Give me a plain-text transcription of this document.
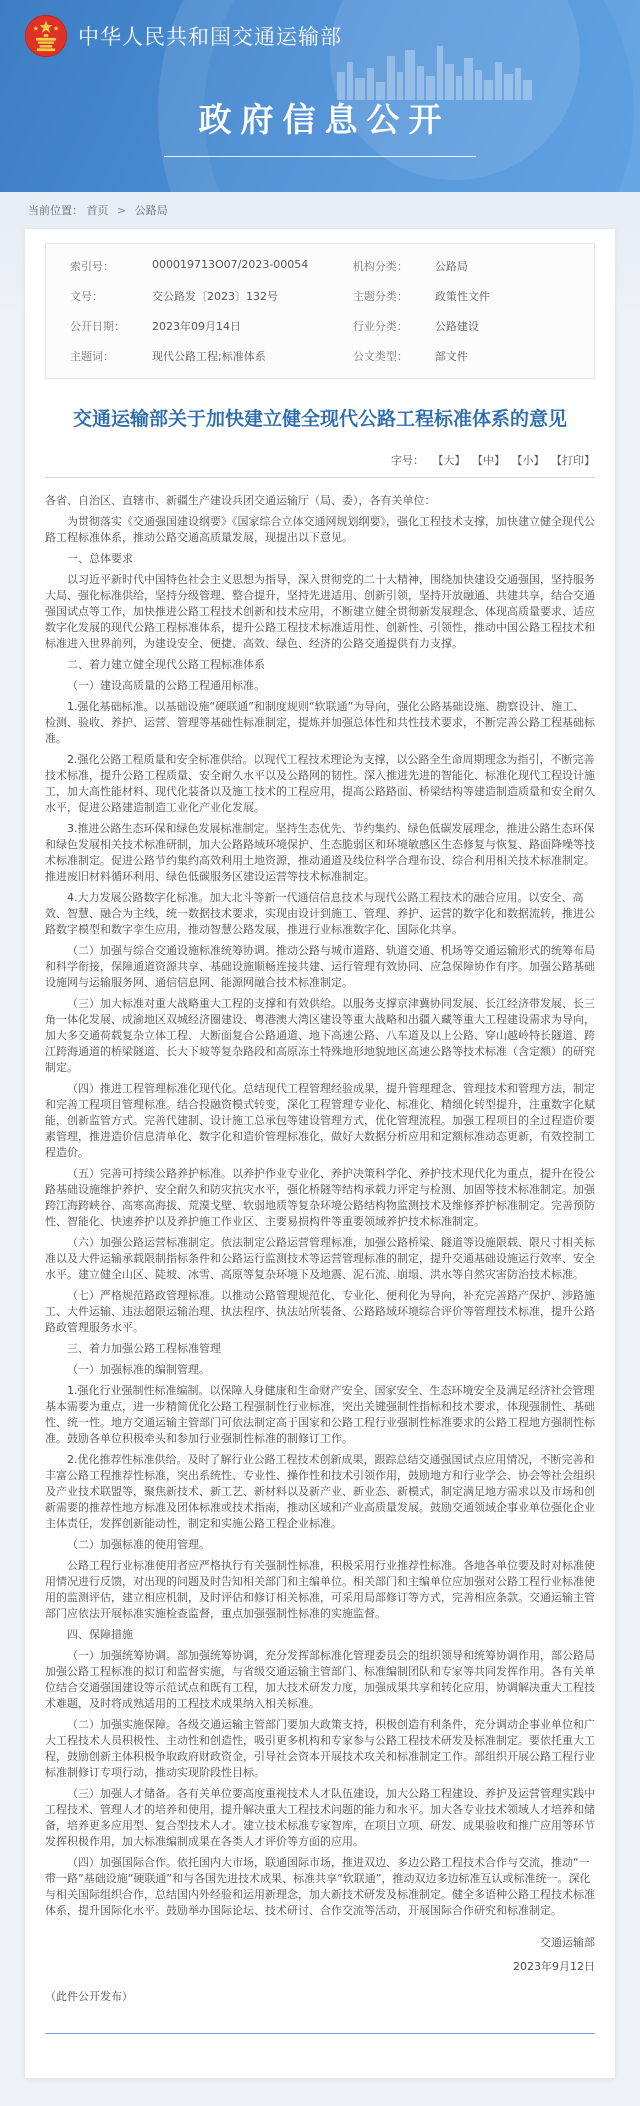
中华人民共和国交通运输部
政府信息公开
当前位置： 首页 > 公路局
索引号：	000019713O07/2023-00054	机构分类：	公路局
文号：	交公路发〔2023〕132号	主题分类：	政策性文件
公开日期：	2023年09月14日	行业分类：	公路建设
主题词：	现代公路工程;标准体系	公文类型：	部文件
交通运输部关于加快建立健全现代公路工程标准体系的意见
字号： 【大】 【中】 【小】 【打印】

各省、自治区、直辖市、新疆生产建设兵团交通运输厅（局、委），各有关单位：

为贯彻落实《交通强国建设纲要》《国家综合立体交通网规划纲要》，强化工程技术支撑，加快建立健全现代公路工程标准体系，推动公路交通高质量发展，现提出以下意见。

一、总体要求

以习近平新时代中国特色社会主义思想为指导，深入贯彻党的二十大精神，围绕加快建设交通强国，坚持服务大局、强化标准供给，坚持分级管理、整合提升，坚持先进适用、创新引领，坚持开放融通、共建共享，结合交通强国试点等工作，加快推进公路工程技术创新和技术应用，不断建立健全贯彻新发展理念、体现高质量要求、适应数字化发展的现代公路工程标准体系，提升公路工程技术标准适用性、创新性、引领性，推动中国公路工程技术和标准进入世界前列，为建设安全、便捷、高效、绿色、经济的公路交通提供有力支撑。

二、着力建立健全现代公路工程标准体系

（一）建设高质量的公路工程通用标准。

1.强化基础标准。以基础设施“硬联通”和制度规则“软联通”为导向，强化公路基础设施、勘察设计、施工、检测、验收、养护、运营、管理等基础性标准制定，提炼并加强总体性和共性技术要求，不断完善公路工程基础标准。

2.强化公路工程质量和安全标准供给。以现代工程技术理论为支撑，以公路全生命周期理念为指引，不断完善技术标准，提升公路工程质量、安全耐久水平以及公路网的韧性。深入推进先进的智能化、标准化现代工程设计施工，加大高性能材料、现代化装备以及施工技术的工程应用，提高公路路面、桥梁结构等建造制造质量和安全耐久水平，促进公路建造制造工业化产业化发展。

3.推进公路生态环保和绿色发展标准制定。坚持生态优先、节约集约、绿色低碳发展理念，推进公路生态环保和绿色发展相关技术标准研制，加大公路路域环境保护、生态脆弱区和环境敏感区生态修复与恢复、路面降噪等技术标准制定。促进公路节约集约高效利用土地资源，推动通道及线位科学合理布设、综合利用相关技术标准制定。推进废旧材料循环利用、绿色低碳服务区建设运营等技术标准制定。

4.大力发展公路数字化标准。加大北斗等新一代通信信息技术与现代公路工程技术的融合应用。以安全、高效、智慧、融合为主线，统一数据技术要求，实现由设计到施工、管理、养护、运营的数字化和数据流转，推进公路数字模型和数字孪生应用，推动智慧公路发展，推进行业标准数字化、国际化共享。

（二）加强与综合交通设施标准统筹协调。推动公路与城市道路、轨道交通、机场等交通运输形式的统筹布局和科学衔接，保障通道资源共享、基础设施顺畅连接共建、运行管理有效协同、应急保障协作有序。加强公路基础设施网与运输服务网、通信信息网、能源网融合技术标准制定。

（三）加大标准对重大战略重大工程的支撑和有效供给。以服务支撑京津冀协同发展、长江经济带发展、长三角一体化发展、成渝地区双城经济圈建设、粤港澳大湾区建设等重大战略和出疆入藏等重大工程建设需求为导向，加大多交通荷载复杂立体工程、大断面复合公路通道、地下高速公路、八车道及以上公路、穿山越岭特长隧道、跨江跨海通道的桥梁隧道、长大下坡等复杂路段和高原冻土特殊地形地貌地区高速公路等技术标准（含定额）的研究制定。

（四）推进工程管理标准化现代化。总结现代工程管理经验成果，提升管理理念、管理技术和管理方法，制定和完善工程项目管理标准。结合投融资模式转变，深化工程管理专业化、标准化、精细化转型提升，注重数字化赋能，创新监管方式。完善代建制、设计施工总承包等建设管理方式，优化管理流程。加强工程项目的全过程造价要素管理，推进造价信息清单化、数字化和造价管理标准化，做好大数据分析应用和定额标准动态更新，有效控制工程造价。

（五）完善可持续公路养护标准。以养护作业专业化、养护决策科学化、养护技术现代化为重点，提升在役公路基础设施维护养护、安全耐久和防灾抗灾水平，强化桥隧等结构承载力评定与检测、加固等技术标准制定。加强跨江海跨峡谷、高寒高海拔、荒漠戈壁、软弱地质等复杂环境公路结构物监测技术及维修养护标准制定。完善预防性、智能化、快速养护以及养护施工作业区、主要易损构件等重要领域养护技术标准制定。

（六）加强公路运营标准制定。依法制定公路运营管理标准，加强公路桥梁、隧道等设施限载、限尺寸相关标准以及大件运输承载限制指标条件和公路运行监测技术等运营管理标准的制定，提升交通基础设施运行效率、安全水平。建立健全山区、陡坡、冰雪、高原等复杂环境下及地震、泥石流、崩塌、洪水等自然灾害防治技术标准。

（七）严格规范路政管理标准。以推动公路管理规范化、专业化、便利化为导向，补充完善路产保护、涉路施工、大件运输、违法超限运输治理、执法程序、执法站所装备、公路路域环境综合评价等管理技术标准，提升公路路政管理服务水平。

三、着力加强公路工程标准管理

（一）加强标准的编制管理。

1.强化行业强制性标准编制。以保障人身健康和生命财产安全、国家安全、生态环境安全及满足经济社会管理基本需要为重点，进一步精简优化公路工程强制性行业标准，突出关键强制性指标和技术要求，体现强制性、基础性、统一性。地方交通运输主管部门可依法制定高于国家和公路工程行业强制性标准要求的公路工程地方强制性标准。鼓励各单位积极牵头和参加行业强制性标准的制修订工作。

2.优化推荐性标准供给。及时了解行业公路工程技术创新成果，跟踪总结交通强国试点应用情况，不断完善和丰富公路工程推荐性标准，突出系统性、专业性、操作性和技术引领作用，鼓励地方和行业学会、协会等社会组织及产业技术联盟等，聚焦新技术、新工艺、新材料以及新产业、新业态、新模式，制定满足地方需求以及市场和创新需要的推荐性地方标准及团体标准或技术指南，推动区域和产业高质量发展。鼓励交通领域企事业单位强化企业主体责任，发挥创新能动性，制定和实施公路工程企业标准。

（二）加强标准的使用管理。

公路工程行业标准使用者应严格执行有关强制性标准，积极采用行业推荐性标准。各地各单位要及时对标准使用情况进行反馈，对出现的问题及时告知相关部门和主编单位。相关部门和主编单位应加强对公路工程行业标准使用的监测评估，建立相应机制，及时评估和修订相关标准，可采用局部修订等方式，完善相应条款。交通运输主管部门应依法开展标准实施检查监督，重点加强强制性标准的实施监督。

四、保障措施

（一）加强统筹协调。部加强统筹协调，充分发挥部标准化管理委员会的组织领导和统筹协调作用，部公路局加强公路工程标准的拟订和监督实施，与省级交通运输主管部门、标准编制团队和专家等共同发挥作用。各有关单位结合交通强国建设等示范试点和既有工程，加大技术研发力度，加强成果共享和转化应用，协调解决重大工程技术难题，及时将成熟适用的工程技术成果纳入相关标准。

（二）加强实施保障。各级交通运输主管部门要加大政策支持，积极创造有利条件，充分调动企事业单位和广大工程技术人员积极性、主动性和创造性，吸引更多机构和专家参与公路工程技术研发及标准制定。要依托重大工程，鼓励创新主体积极争取政府财政资金，引导社会资本开展技术攻关和标准制定工作。部组织开展公路工程行业标准制修订专项行动，推动实现阶段性目标。

（三）加强人才储备。各有关单位要高度重视技术人才队伍建设，加大公路工程建设、养护及运营管理实践中工程技术、管理人才的培养和使用，提升解决重大工程技术问题的能力和水平。加大各专业技术领域人才培养和储备，培养更多应用型、复合型技术人才。建立技术标准专家智库，在项目立项、研发、成果验收和推广应用等环节发挥积极作用，加大标准编制成果在各类人才评价等方面的应用。

（四）加强国际合作。依托国内大市场，联通国际市场，推进双边、多边公路工程技术合作与交流，推动“一带一路”基础设施“硬联通”和与各国先进技术成果、标准共享“软联通”，推动双边多边标准互认或标准统一。深化与相关国际组织合作，总结国内外经验和运用新理念，加大新技术研发及标准制定。健全多语种公路工程技术标准体系，提升国际化水平。鼓励举办国际论坛、技术研讨、合作交流等活动，开展国际合作研究和标准制定。

交通运输部
2023年9月12日
（此件公开发布）
